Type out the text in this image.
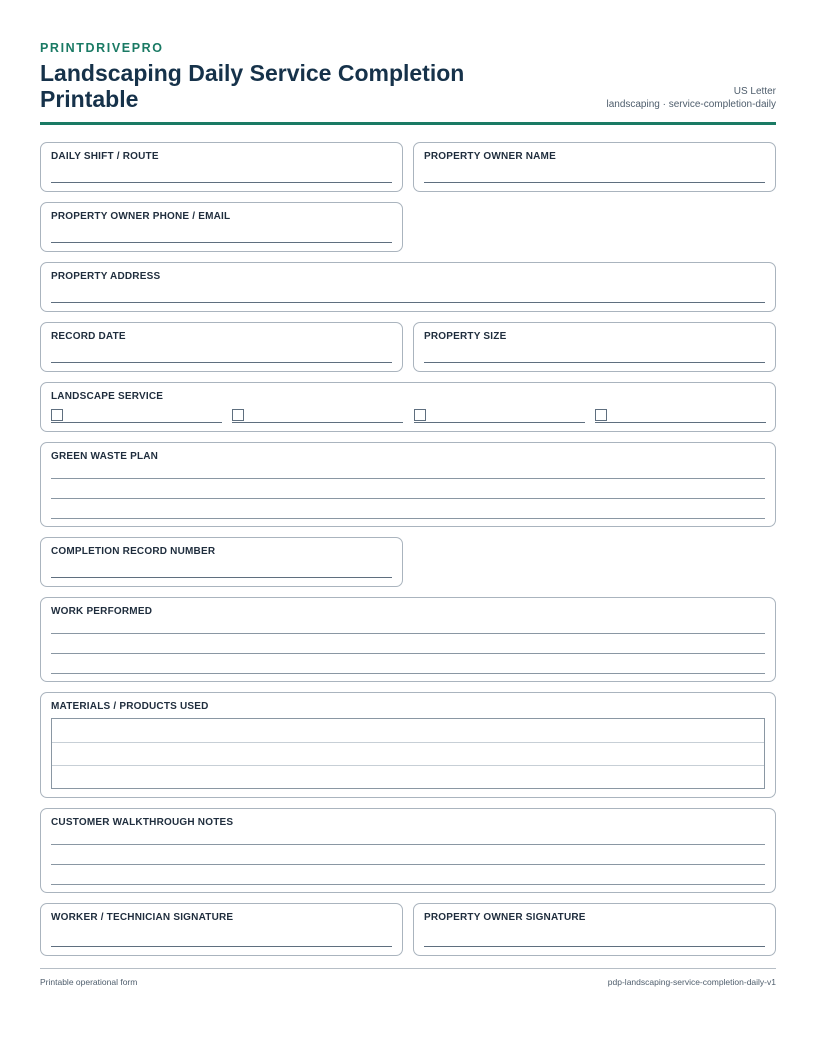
PRINTDRIVEPRO
Landscaping Daily Service Completion Printable	US Letter
landscaping · service-completion-daily
DAILY SHIFT / ROUTE	PROPERTY OWNER NAME
PROPERTY OWNER PHONE / EMAIL
PROPERTY ADDRESS
RECORD DATE	PROPERTY SIZE
LANDSCAPE SERVICE
GREEN WASTE PLAN
COMPLETION RECORD NUMBER
WORK PERFORMED
MATERIALS / PRODUCTS USED
CUSTOMER WALKTHROUGH NOTES
WORKER / TECHNICIAN SIGNATURE	PROPERTY OWNER SIGNATURE
Printable operational form	pdp-landscaping-service-completion-daily-v1
